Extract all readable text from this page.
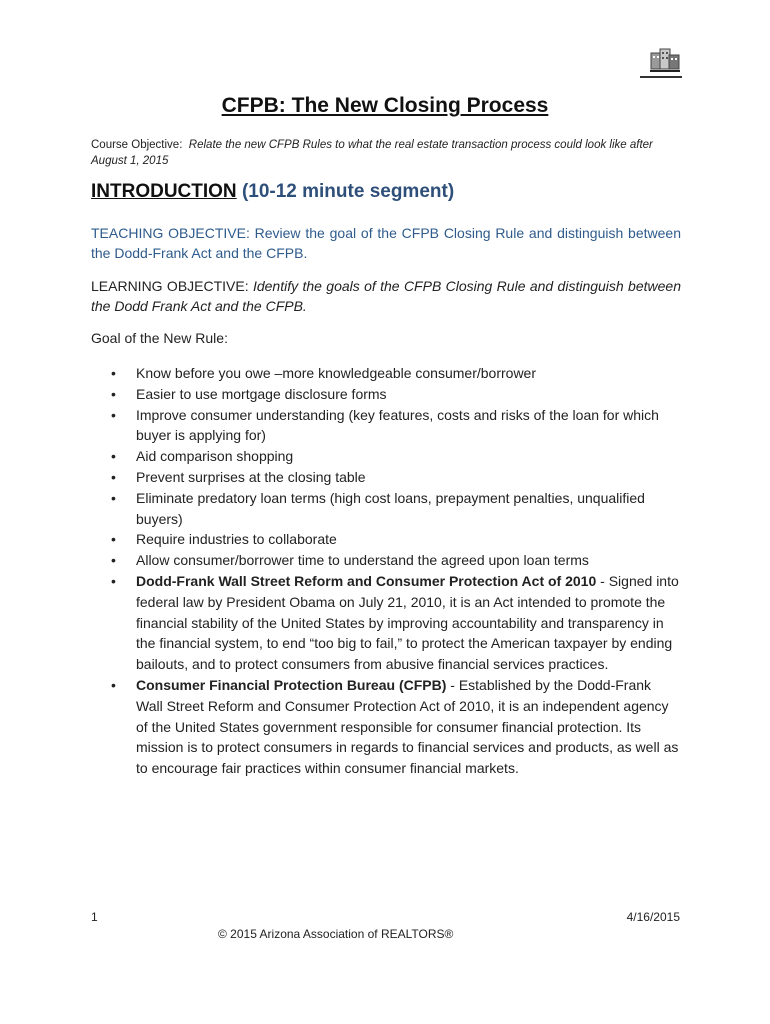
CFPB: The New Closing Process
Course Objective: Relate the new CFPB Rules to what the real estate transaction process could look like after August 1, 2015
INTRODUCTION (10-12 minute segment)
TEACHING OBJECTIVE: Review the goal of the CFPB Closing Rule and distinguish between the Dodd-Frank Act and the CFPB.
LEARNING OBJECTIVE: Identify the goals of the CFPB Closing Rule and distinguish between the Dodd Frank Act and the CFPB.
Goal of the New Rule:
• Know before you owe –more knowledgeable consumer/borrower
• Easier to use mortgage disclosure forms
• Improve consumer understanding (key features, costs and risks of the loan for which buyer is applying for)
• Aid comparison shopping
• Prevent surprises at the closing table
• Eliminate predatory loan terms (high cost loans, prepayment penalties, unqualified buyers)
• Require industries to collaborate
• Allow consumer/borrower time to understand the agreed upon loan terms
• Dodd-Frank Wall Street Reform and Consumer Protection Act of 2010 - Signed into federal law by President Obama on July 21, 2010, it is an Act intended to promote the financial stability of the United States by improving accountability and transparency in the financial system, to end “too big to fail,” to protect the American taxpayer by ending bailouts, and to protect consumers from abusive financial services practices.
• Consumer Financial Protection Bureau (CFPB) - Established by the Dodd-Frank Wall Street Reform and Consumer Protection Act of 2010, it is an independent agency of the United States government responsible for consumer financial protection. Its mission is to protect consumers in regards to financial services and products, as well as to encourage fair practices within consumer financial markets.
1	4/16/2015
© 2015 Arizona Association of REALTORS®
